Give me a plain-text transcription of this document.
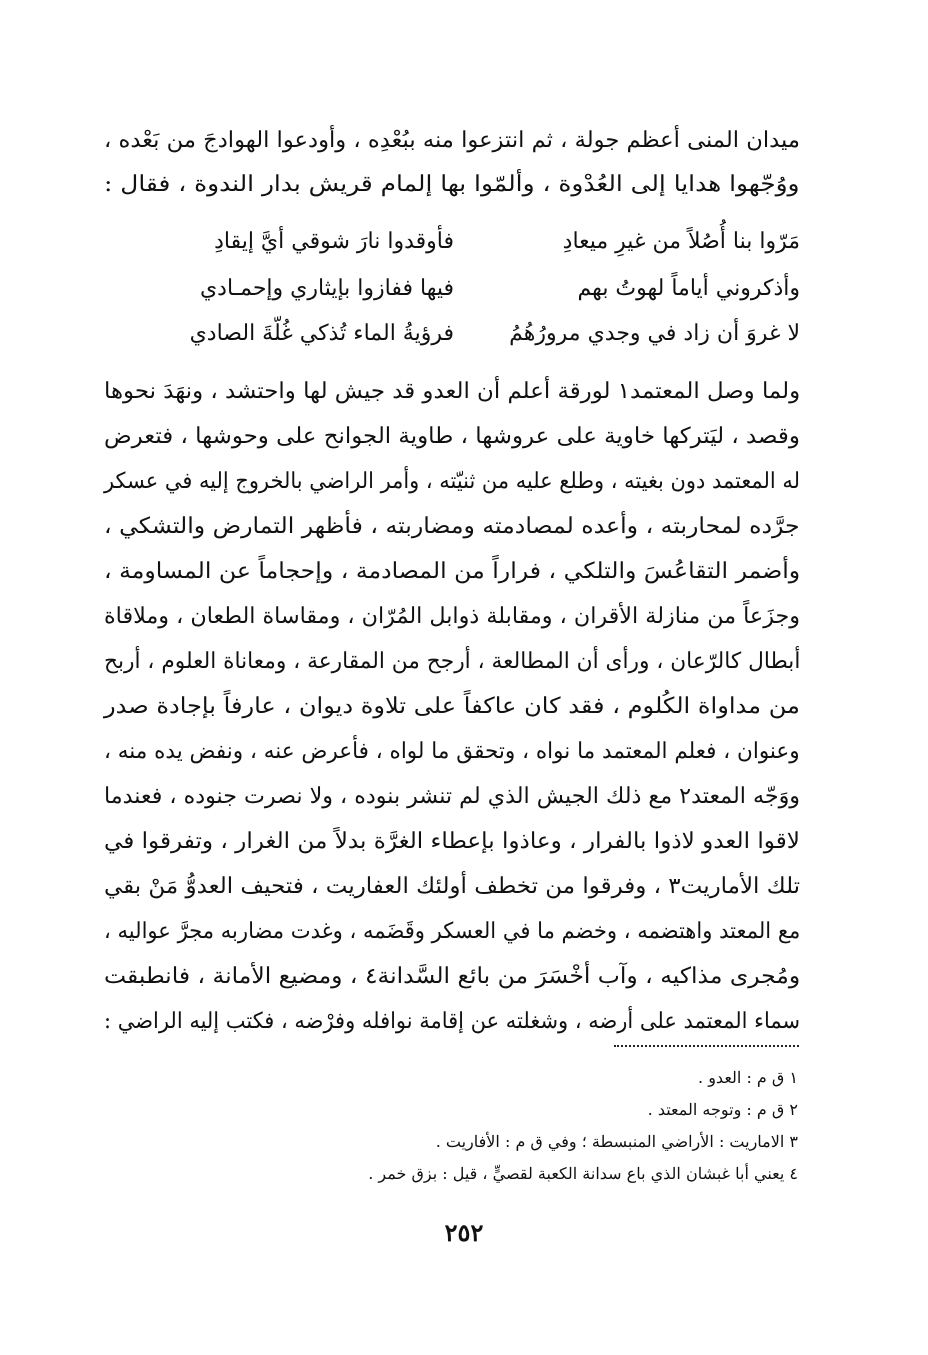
ميدان المنى أعظم جولة ، ثم انتزعوا منه ببُعْدِه ، وأودعوا الهوادجَ من بَعْده ،
ووُجّهوا هدايا إلى العُدْوة ، وألمّوا بها إلمام قريش بدار الندوة ، فقال :
مَرّوا بنا أُصُلاً من غيرِ ميعادِ
فأوقدوا نارَ شوقي أيَّ إيقادِ
وأذكروني أياماً لهوتُ بهم
فيها ففازوا بإيثاري وإحمـادي
لا غروَ أن زاد في وجدي مرورُهُمُ
فرؤيةُ الماء تُذكي غُلّةَ الصادي
ولما وصل المعتمد١ لورقة أعلم أن العدو قد جيش لها واحتشد ، ونهَدَ نحوها
وقصد ، ليَتركها خاوية على عروشها ، طاوية الجوانح على وحوشها ، فتعرض
له المعتمد دون بغيته ، وطلع عليه من ثنيّته ، وأمر الراضي بالخروج إليه في عسكر
جرَّده لمحاربته ، وأعده لمصادمته ومضاربته ، فأظهر التمارض والتشكي ،
وأضمر التقاعُسَ والتلكي ، فراراً من المصادمة ، وإحجاماً عن المساومة ،
وجزَعاً من منازلة الأقران ، ومقابلة ذوابل المُرّان ، ومقاساة الطعان ، وملاقاة
أبطال كالرّعان ، ورأى أن المطالعة ، أرجح من المقارعة ، ومعاناة العلوم ، أربح
من مداواة الكُلوم ، فقد كان عاكفاً على تلاوة ديوان ، عارفاً بإجادة صدر
وعنوان ، فعلم المعتمد ما نواه ، وتحقق ما لواه ، فأعرض عنه ، ونفض يده منه ،
ووَجّه المعتد٢ مع ذلك الجيش الذي لم تنشر بنوده ، ولا نصرت جنوده ، فعندما
لاقوا العدو لاذوا بالفرار ، وعاذوا بإعطاء الغرَّة بدلاً من الغرار ، وتفرقوا في
تلك الأماريت٣ ، وفرقوا من تخطف أولئك العفاريت ، فتحيف العدوُّ مَنْ بقي
مع المعتد واهتضمه ، وخضم ما في العسكر وقَضَمه ، وغدت مضاربه مجرَّ عواليه ،
ومُجرى مذاكيه ، وآب أخْسَرَ من بائع السَّدانة٤ ، ومضيع الأمانة ، فانطبقت
سماء المعتمد على أرضه ، وشغلته عن إقامة نوافله وفرْضه ، فكتب إليه الراضي :
١ ق م : العدو .
٢ ق م : وتوجه المعتد .
٣ الاماريت : الأراضي المنبسطة ؛ وفي ق م : الأفاريت .
٤ يعني أبا غبشان الذي باع سدانة الكعبة لقصيٍّ ، قيل : بزق خمر .
٢٥٢
